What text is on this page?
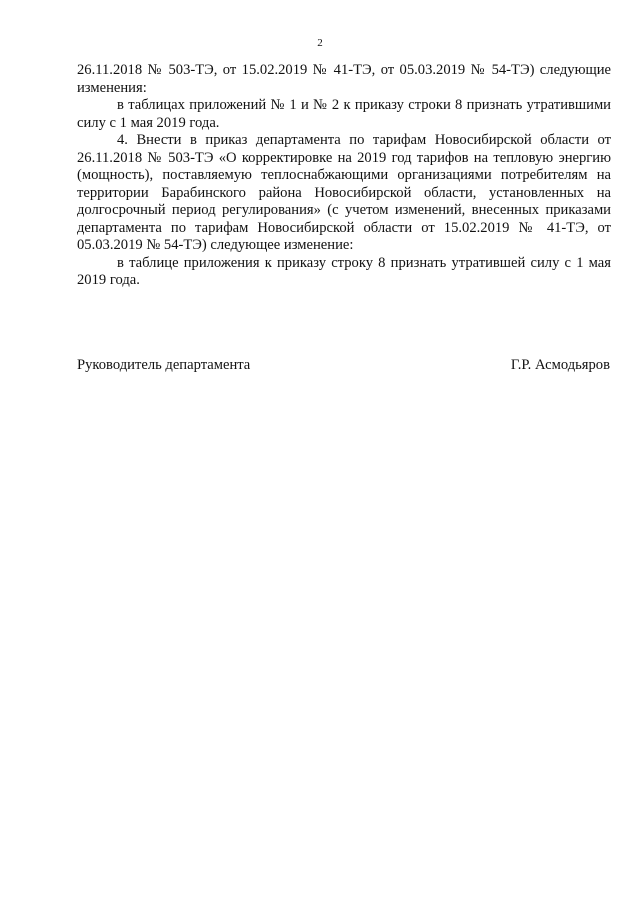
2

26.11.2018 № 503-ТЭ, от 15.02.2019 № 41-ТЭ, от 05.03.2019 № 54-ТЭ) следующие изменения:

в таблицах приложений № 1 и № 2 к приказу строки 8 признать утратившими силу с 1 мая 2019 года.

4. Внести в приказ департамента по тарифам Новосибирской области от 26.11.2018 № 503-ТЭ «О корректировке на 2019 год тарифов на тепловую энергию (мощность), поставляемую теплоснабжающими организациями потребителям на территории Барабинского района Новосибирской области, установленных на долгосрочный период регулирования» (с учетом изменений, внесенных приказами департамента по тарифам Новосибирской области от 15.02.2019 № 41-ТЭ, от 05.03.2019 № 54-ТЭ) следующее изменение:

в таблице приложения к приказу строку 8 признать утратившей силу с 1 мая 2019 года.

Руководитель департамента	Г.Р. Асмодьяров
